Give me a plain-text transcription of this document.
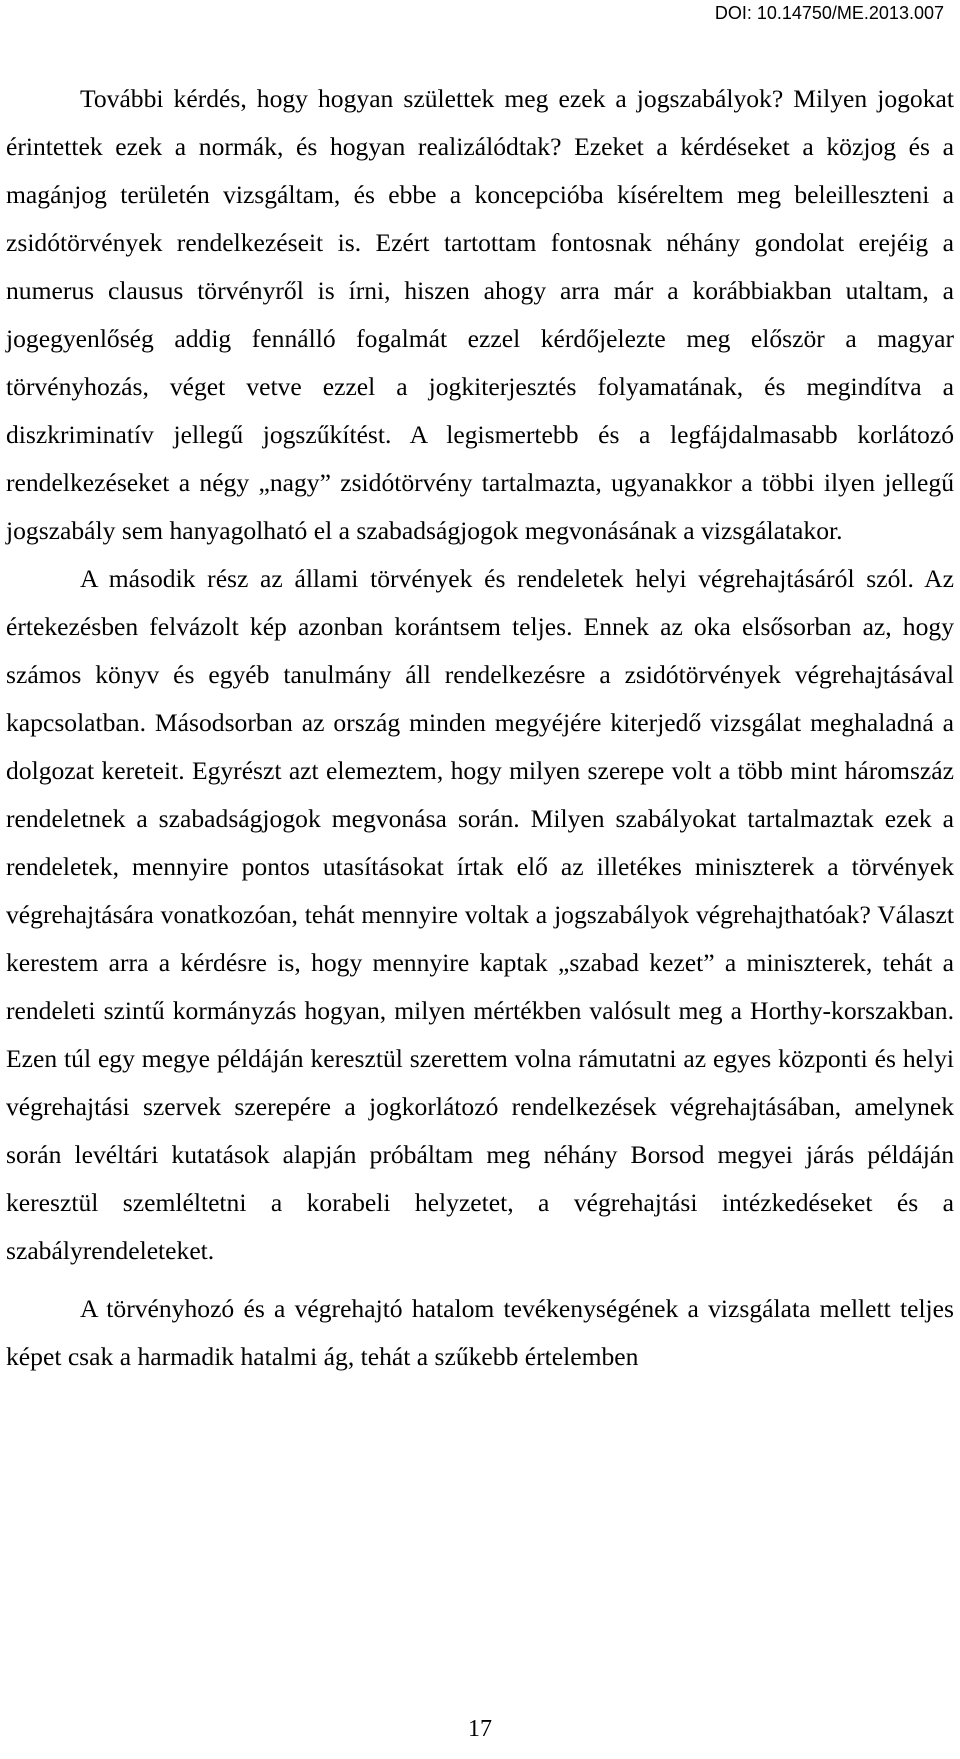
DOI: 10.14750/ME.2013.007

További kérdés, hogy hogyan születtek meg ezek a jogszabályok? Milyen jogokat érintettek ezek a normák, és hogyan realizálódtak? Ezeket a kérdéseket a közjog és a magánjog területén vizsgáltam, és ebbe a koncepcióba kíséreltem meg beleilleszteni a zsidótörvények rendelkezéseit is. Ezért tartottam fontosnak néhány gondolat erejéig a numerus clausus törvényről is írni, hiszen ahogy arra már a korábbiakban utaltam, a jogegyenlőség addig fennálló fogalmát ezzel kérdőjelezte meg először a magyar törvényhozás, véget vetve ezzel a jogkiterjesztés folyamatának, és megindítva a diszkriminatív jellegű jogszűkítést. A legismertebb és a legfájdalmasabb korlátozó rendelkezéseket a négy „nagy” zsidótörvény tartalmazta, ugyanakkor a többi ilyen jellegű jogszabály sem hanyagolható el a szabadságjogok megvonásának a vizsgálatakor.

A második rész az állami törvények és rendeletek helyi végrehajtásáról szól. Az értekezésben felvázolt kép azonban korántsem teljes. Ennek az oka elsősorban az, hogy számos könyv és egyéb tanulmány áll rendelkezésre a zsidótörvények végrehajtásával kapcsolatban. Másodsorban az ország minden megyéjére kiterjedő vizsgálat meghaladná a dolgozat kereteit. Egyrészt azt elemeztem, hogy milyen szerepe volt a több mint háromszáz rendeletnek a szabadságjogok megvonása során. Milyen szabályokat tartalmaztak ezek a rendeletek, mennyire pontos utasításokat írtak elő az illetékes miniszterek a törvények végrehajtására vonatkozóan, tehát mennyire voltak a jogszabályok végrehajthatóak? Választ kerestem arra a kérdésre is, hogy mennyire kaptak „szabad kezet” a miniszterek, tehát a rendeleti szintű kormányzás hogyan, milyen mértékben valósult meg a Horthy-korszakban. Ezen túl egy megye példáján keresztül szerettem volna rámutatni az egyes központi és helyi végrehajtási szervek szerepére a jogkorlátozó rendelkezések végrehajtásában, amelynek során levéltári kutatások alapján próbáltam meg néhány Borsod megyei járás példáján keresztül szemléltetni a korabeli helyzetet, a végrehajtási intézkedéseket és a szabályrendeleteket.

A törvényhozó és a végrehajtó hatalom tevékenységének a vizsgálata mellett teljes képet csak a harmadik hatalmi ág, tehát a szűkebb értelemben

17
